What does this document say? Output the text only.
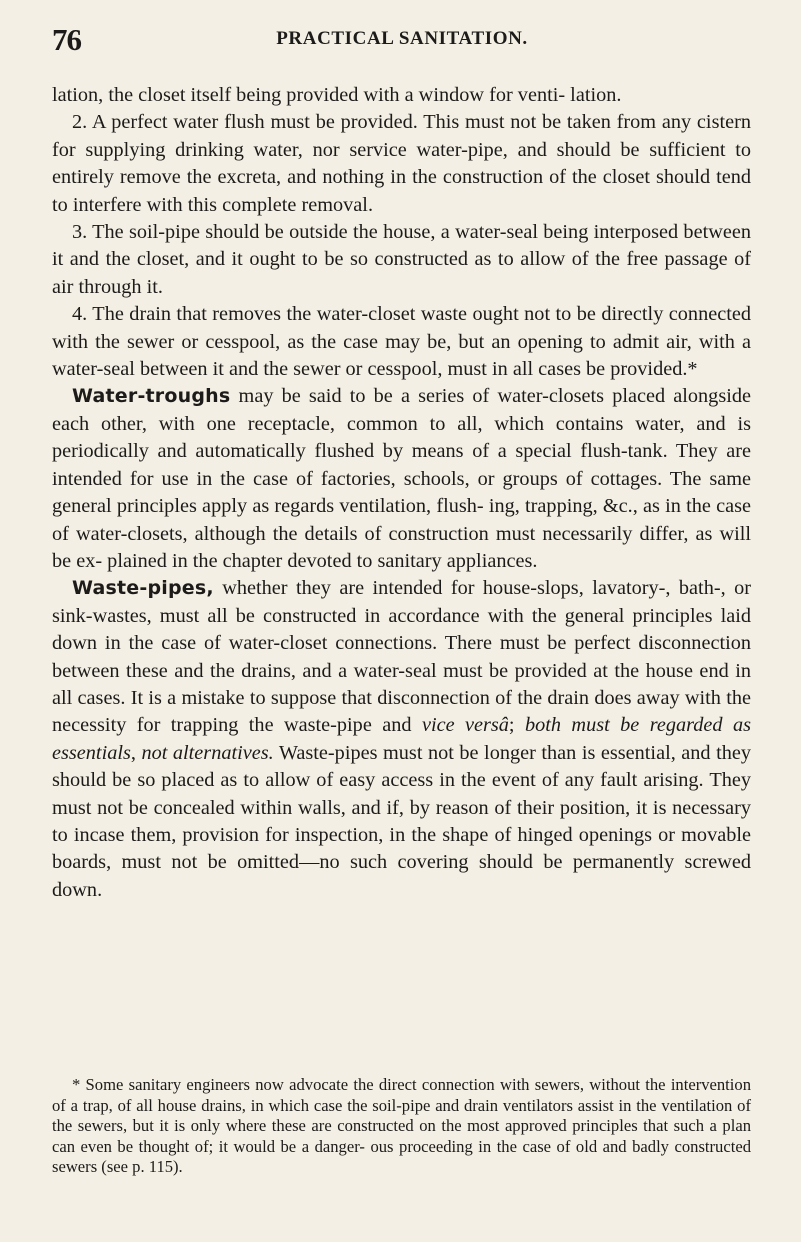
76	PRACTICAL SANITATION.

lation, the closet itself being provided with a window for venti- lation.

2. A perfect water flush must be provided. This must not be taken from any cistern for supplying drinking water, nor service water-pipe, and should be sufficient to entirely remove the excreta, and nothing in the construction of the closet should tend to interfere with this complete removal.

3. The soil-pipe should be outside the house, a water-seal being interposed between it and the closet, and it ought to be so constructed as to allow of the free passage of air through it.

4. The drain that removes the water-closet waste ought not to be directly connected with the sewer or cesspool, as the case may be, but an opening to admit air, with a water-seal between it and the sewer or cesspool, must in all cases be provided.*

Water-troughs may be said to be a series of water-closets placed alongside each other, with one receptacle, common to all, which contains water, and is periodically and automatically flushed by means of a special flush-tank. They are intended for use in the case of factories, schools, or groups of cottages. The same general principles apply as regards ventilation, flush- ing, trapping, &c., as in the case of water-closets, although the details of construction must necessarily differ, as will be ex- plained in the chapter devoted to sanitary appliances.

Waste-pipes, whether they are intended for house-slops, lavatory-, bath-, or sink-wastes, must all be constructed in accordance with the general principles laid down in the case of water-closet connections. There must be perfect disconnection between these and the drains, and a water-seal must be provided at the house end in all cases. It is a mistake to suppose that disconnection of the drain does away with the necessity for trapping the waste-pipe and vice versâ; both must be regarded as essentials, not alternatives. Waste-pipes must not be longer than is essential, and they should be so placed as to allow of easy access in the event of any fault arising. They must not be concealed within walls, and if, by reason of their position, it is necessary to incase them, provision for inspection, in the shape of hinged openings or movable boards, must not be omitted—no such covering should be permanently screwed down.

* Some sanitary engineers now advocate the direct connection with sewers, without the intervention of a trap, of all house drains, in which case the soil-pipe and drain ventilators assist in the ventilation of the sewers, but it is only where these are constructed on the most approved principles that such a plan can even be thought of; it would be a danger- ous proceeding in the case of old and badly constructed sewers (see p. 115).
